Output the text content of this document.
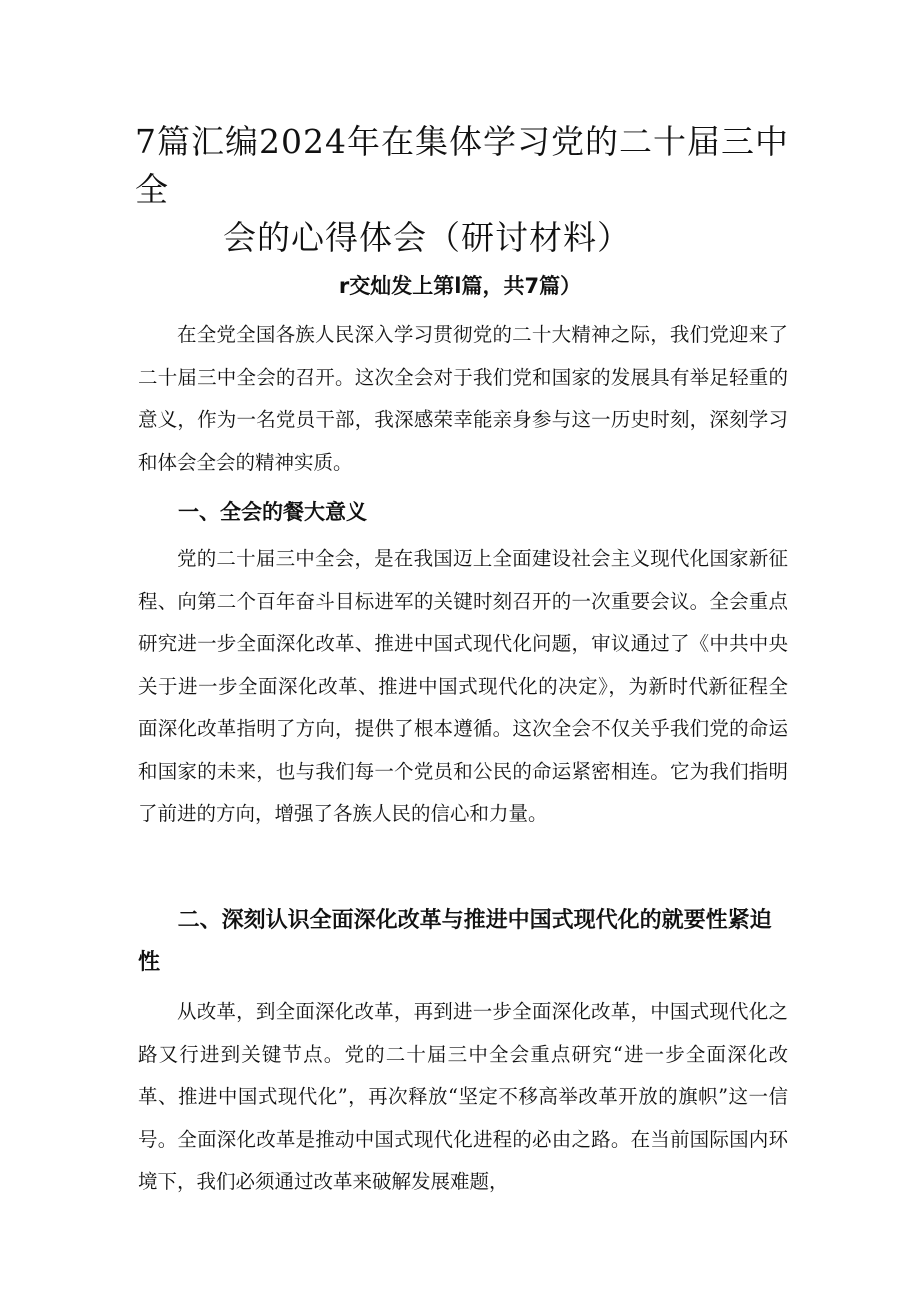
7篇汇编2024年在集体学习党的二十届三中全
会的心得体会（研讨材料）

r交灿发上第l篇，共7篇）

在全党全国各族人民深入学习贯彻党的二十大精神之际，我们党迎来了二十届三中全会的召开。这次全会对于我们党和国家的发展具有举足轻重的意义，作为一名党员干部，我深感荣幸能亲身参与这一历史时刻，深刻学习和体会全会的精神实质。

一、全会的餐大意义

党的二十届三中全会，是在我国迈上全面建设社会主义现代化国家新征程、向第二个百年奋斗目标进军的关键时刻召开的一次重要会议。全会重点研究进一步全面深化改革、推进中国式现代化问题，审议通过了《中共中央关于进一步全面深化改革、推进中国式现代化的决定》，为新时代新征程全面深化改革指明了方向，提供了根本遵循。这次全会不仅关乎我们党的命运和国家的未来，也与我们每一个党员和公民的命运紧密相连。它为我们指明了前进的方向，增强了各族人民的信心和力量。

二、深刻认识全面深化改革与推进中国式现代化的就要性紧迫性

从改革，到全面深化改革，再到进一步全面深化改革，中国式现代化之路又行进到关键节点。党的二十届三中全会重点研究“进一步全面深化改革、推进中国式现代化”，再次释放“坚定不移高举改革开放的旗帜”这一信号。全面深化改革是推动中国式现代化进程的必由之路。在当前国际国内环境下，我们必须通过改革来破解发展难题，
